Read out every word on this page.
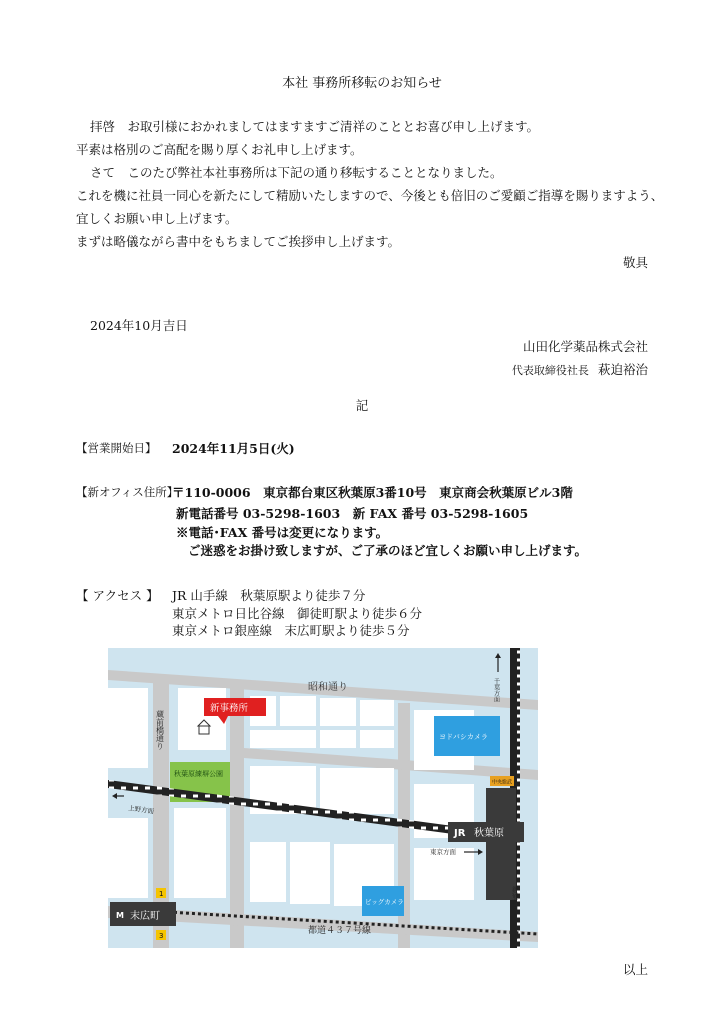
本社 事務所移転のお知らせ
拝啓　お取引様におかれましてはますますご清祥のこととお喜び申し上げます。
平素は格別のご高配を賜り厚くお礼申し上げます。
さて　このたび弊社本社事務所は下記の通り移転することとなりました。
これを機に社員一同心を新たにして精励いたしますので、今後とも倍旧のご愛顧ご指導を賜りますよう、
宜しくお願い申し上げます。
まずは略儀ながら書中をもちましてご挨拶申し上げます。
敬具
2024年10月吉日
山田化学薬品株式会社
代表取締役社長 萩迫裕治
記
【営業開始日】 2024年11月5日(火)
【新オフィス住所】
〒110-0006　東京都台東区秋葉原3番10号　東京商会秋葉原ビル3階
新電話番号 03-5298-1603　新 FAX 番号 03-5298-1605
※電話･FAX 番号は変更になります。
ご迷惑をお掛け致しますが、ご了承のほど宜しくお願い申し上げます。
【 アクセス 】 JR 山手線　秋葉原駅より徒歩７分
東京メトロ日比谷線　御徒町駅より徒歩６分
東京メトロ銀座線　末広町駅より徒歩５分
秋葉原練塀公園
ヨドバシカメラ
ビッグカメラ
中央総武
JR 秋葉原
都道４３７号線
昭和通り
蔵前橋通り
新事務所
上野方面
千葉方面
東京方面
新宿方面
M 末広町
1
3
以上
